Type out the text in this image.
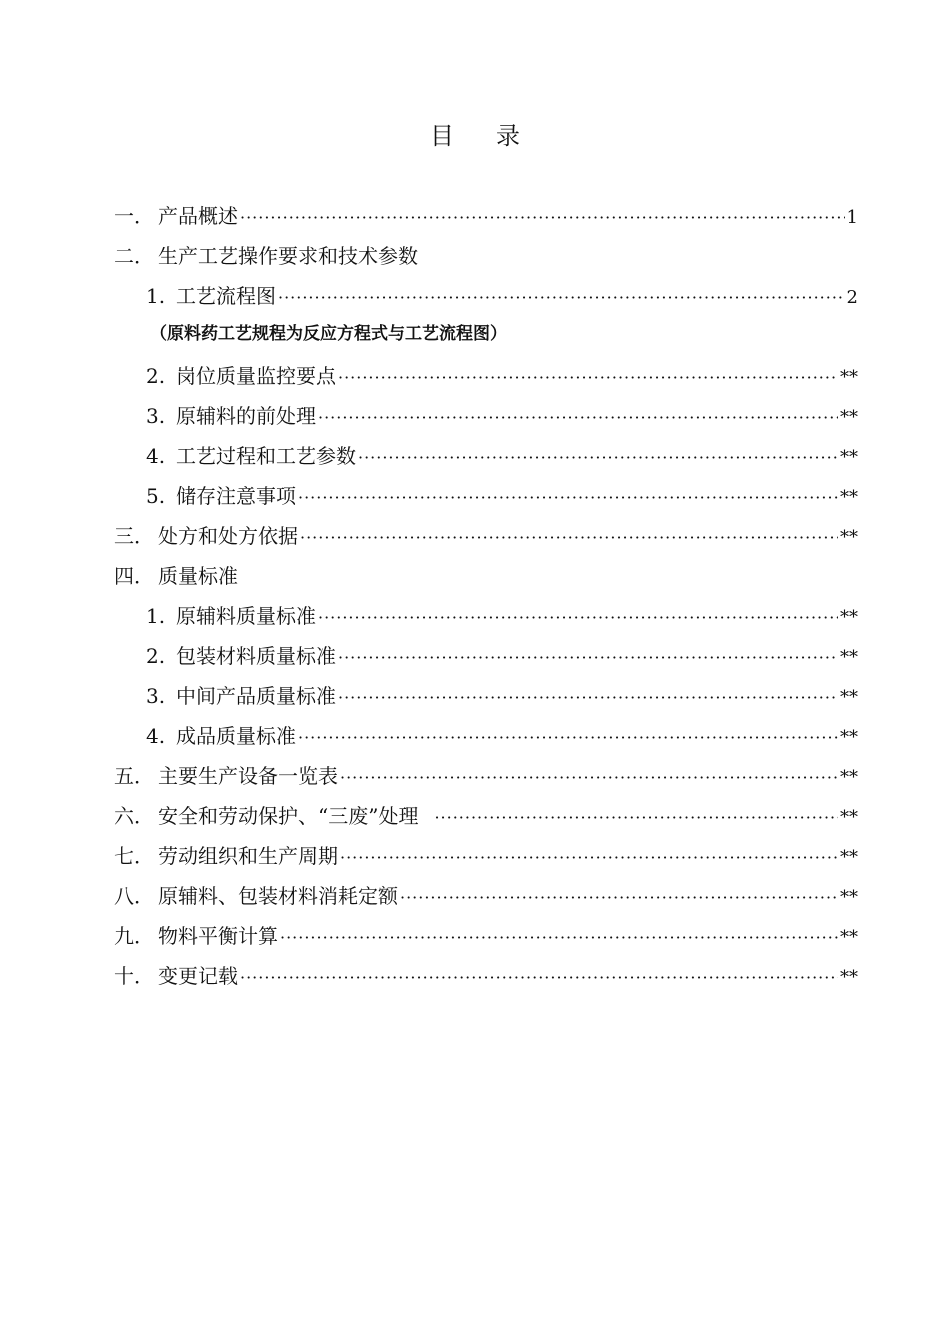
目 录
一． 产品概述 ·····	1
二． 生产工艺操作要求和技术参数
1. 工艺流程图 ·····	2
2. 岗位质量监控要点 ·····	**
3. 原辅料的前处理 ·····	**
4. 工艺过程和工艺参数 ·····	**
5. 储存注意事项 ·····	**
三． 处方和处方依据 ·····	**
四． 质量标准
1. 原辅料质量标准 ·····	**
2. 包装材料质量标准 ·····	**
3. 中间产品质量标准 ·····	**
4. 成品质量标准 ·····	**
五． 主要生产设备一览表 ·····	**
六． 安全和劳动保护、“三废”处理 ·····	**
七． 劳动组织和生产周期 ·····	**
八． 原辅料、包装材料消耗定额 ·····	**
九． 物料平衡计算 ·····	**
十． 变更记载 ·····	**
（原料药工艺规程为反应方程式与工艺流程图）
